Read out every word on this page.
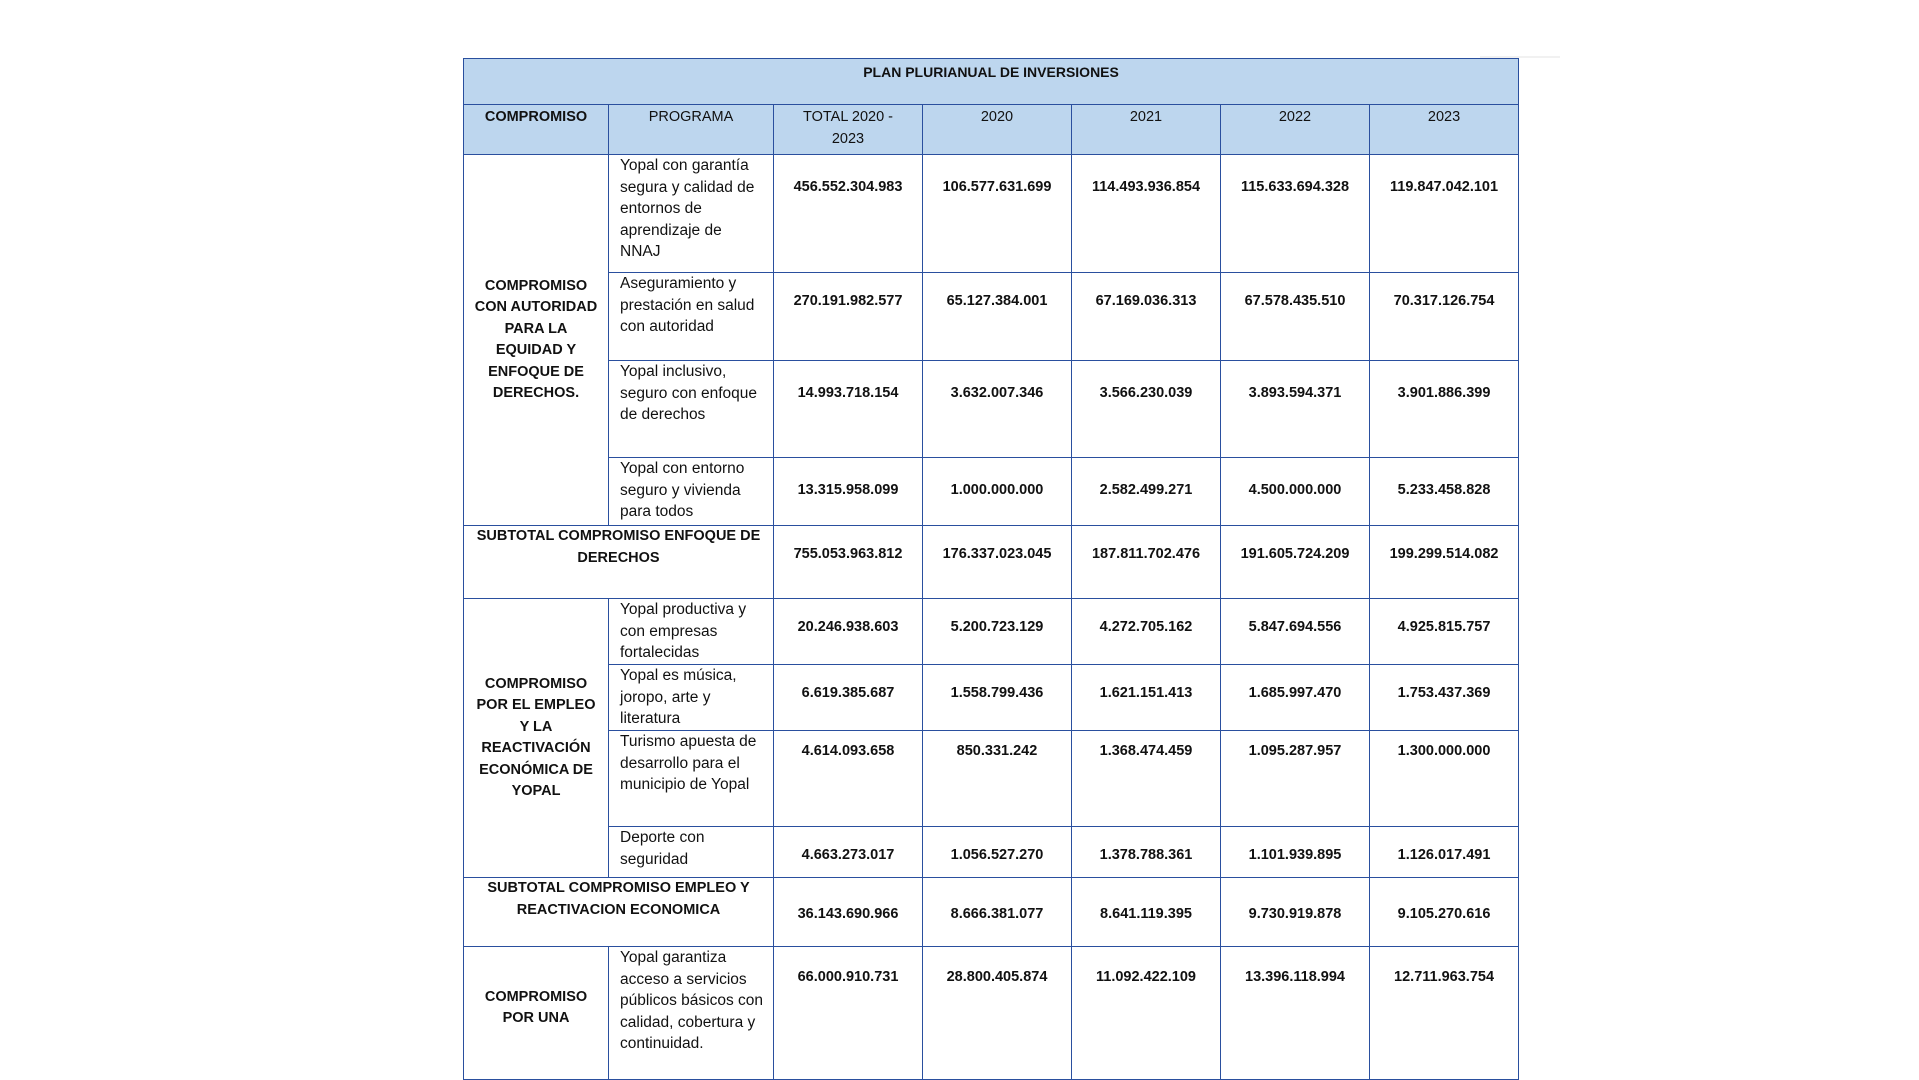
PLAN PLURIANUAL DE INVERSIONES						
COMPROMISO	PROGRAMA	TOTAL 2020 - 2023	2020	2021	2022	2023
COMPROMISO CON AUTORIDAD PARA LA EQUIDAD Y ENFOQUE DE DERECHOS.	Yopal con garantía segura y calidad de entornos de aprendizaje de NNAJ	456.552.304.983	106.577.631.699	114.493.936.854	115.633.694.328	119.847.042.101
	Aseguramiento y prestación en salud con autoridad	270.191.982.577	65.127.384.001	67.169.036.313	67.578.435.510	70.317.126.754
	Yopal inclusivo, seguro con enfoque de derechos	14.993.718.154	3.632.007.346	3.566.230.039	3.893.594.371	3.901.886.399
	Yopal con entorno seguro y vivienda para todos	13.315.958.099	1.000.000.000	2.582.499.271	4.500.000.000	5.233.458.828
SUBTOTAL COMPROMISO ENFOQUE DE DERECHOS		755.053.963.812	176.337.023.045	187.811.702.476	191.605.724.209	199.299.514.082
COMPROMISO POR EL EMPLEO Y LA REACTIVACIÓN ECONÓMICA DE YOPAL	Yopal productiva y con empresas fortalecidas	20.246.938.603	5.200.723.129	4.272.705.162	5.847.694.556	4.925.815.757
	Yopal es música, joropo, arte y literatura	6.619.385.687	1.558.799.436	1.621.151.413	1.685.997.470	1.753.437.369
	Turismo apuesta de desarrollo para el municipio de Yopal	4.614.093.658	850.331.242	1.368.474.459	1.095.287.957	1.300.000.000
	Deporte con seguridad	4.663.273.017	1.056.527.270	1.378.788.361	1.101.939.895	1.126.017.491
SUBTOTAL COMPROMISO EMPLEO Y REACTIVACION ECONOMICA		36.143.690.966	8.666.381.077	8.641.119.395	9.730.919.878	9.105.270.616
COMPROMISO POR UNA	Yopal garantiza acceso a servicios públicos básicos con calidad, cobertura y continuidad.	66.000.910.731	28.800.405.874	11.092.422.109	13.396.118.994	12.711.963.754
